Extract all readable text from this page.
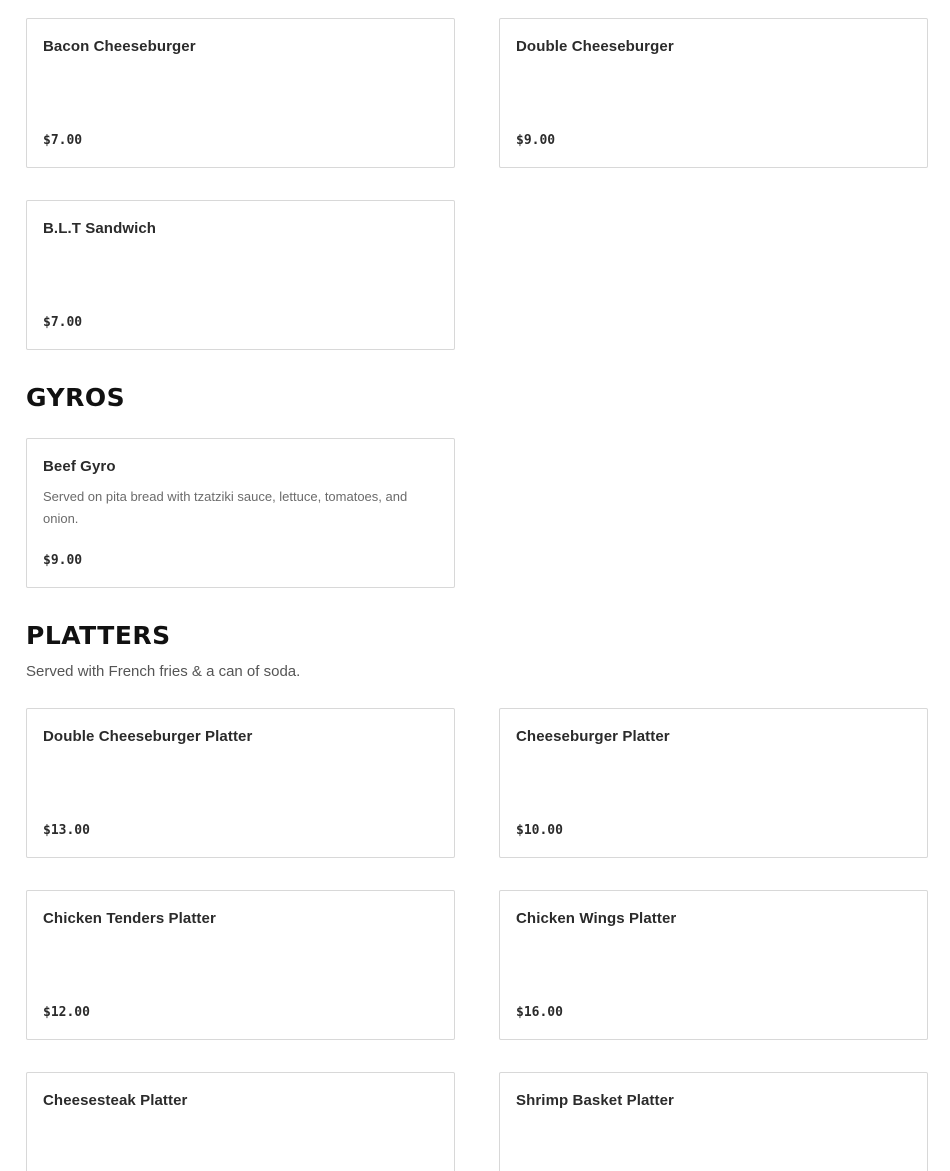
Bacon Cheeseburger
$7.00
Double Cheeseburger
$9.00
B.L.T Sandwich
$7.00
GYROS
Beef Gyro
Served on pita bread with tzatziki sauce, lettuce, tomatoes, and onion.
$9.00
PLATTERS
Served with French fries & a can of soda.
Double Cheeseburger Platter
$13.00
Cheeseburger Platter
$10.00
Chicken Tenders Platter
$12.00
Chicken Wings Platter
$16.00
Cheesesteak Platter	Shrimp Basket Platter
